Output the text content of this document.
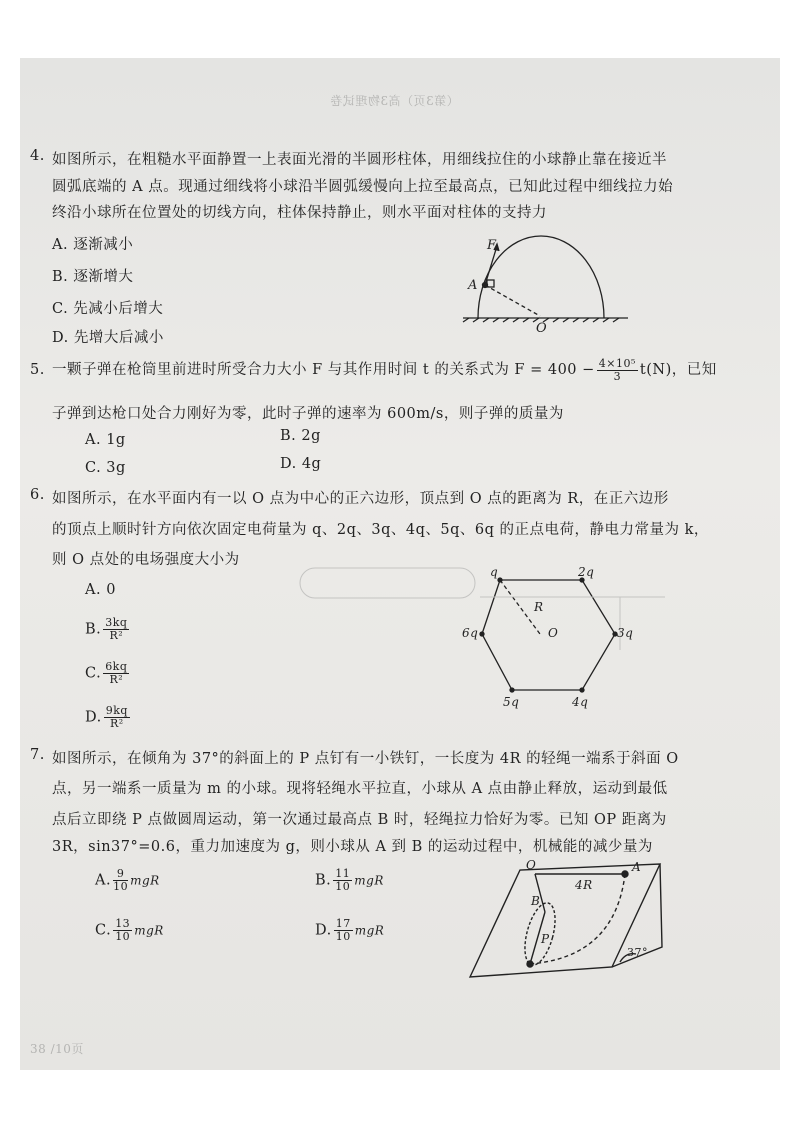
（第3页）高3物理试卷
4. 如图所示，在粗糙水平面静置一上表面光滑的半圆形柱体，用细线拉住的小球静止靠在接近半
圆弧底端的 A 点。现通过细线将小球沿半圆弧缓慢向上拉至最高点，已知此过程中细线拉力始
终沿小球所在位置处的切线方向，柱体保持静止，则水平面对柱体的支持力
A. 逐渐减小
B. 逐渐增大
C. 先减小后增大
D. 先增大后减小
F
A
O
5. 一颗子弹在枪筒里前进时所受合力大小 F 与其作用时间 t 的关系式为 $F = 400 - \frac{\text{4×10⁵}}{3} t(N)$，已知
子弹到达枪口处合力刚好为零，此时子弹的速率为 600m/s，则子弹的质量为
A. 1g	B. 2g
C. 3g	D. 4g
6. 如图所示，在水平面内有一以 O 点为中心的正六边形，顶点到 O 点的距离为 R，在正六边形
的顶点上顺时针方向依次固定电荷量为 q、2q、3q、4q、5q、6q 的正点电荷，静电力常量为 k，
则 O 点处的电场强度大小为
A. 0
B. $\frac{3kq}{\text{R²}}$
C. $\frac{6kq}{\text{R²}}$
D. $\frac{9kq}{\text{R²}}$
q	2q
3q
4q
5q
6q
R
O
7. 如图所示，在倾角为 37°的斜面上的 P 点钉有一小铁钉，一长度为 4R 的轻绳一端系于斜面 O
点，另一端系一质量为 m 的小球。现将轻绳水平拉直，小球从 A 点由静止释放，运动到最低
点后立即绕 P 点做圆周运动，第一次通过最高点 B 时，轻绳拉力恰好为零。已知 OP 距离为
3R，sin37°=0.6，重力加速度为 g，则小球从 A 到 B 的运动过程中，机械能的减少量为
A. $\frac{9}{10}$ mgR	B. $\frac{11}{10}$ mgR
C. $\frac{13}{10}$ mgR	D. $\frac{17}{10}$ mgR
O	A
B
P
4R
37°
38 /10页
